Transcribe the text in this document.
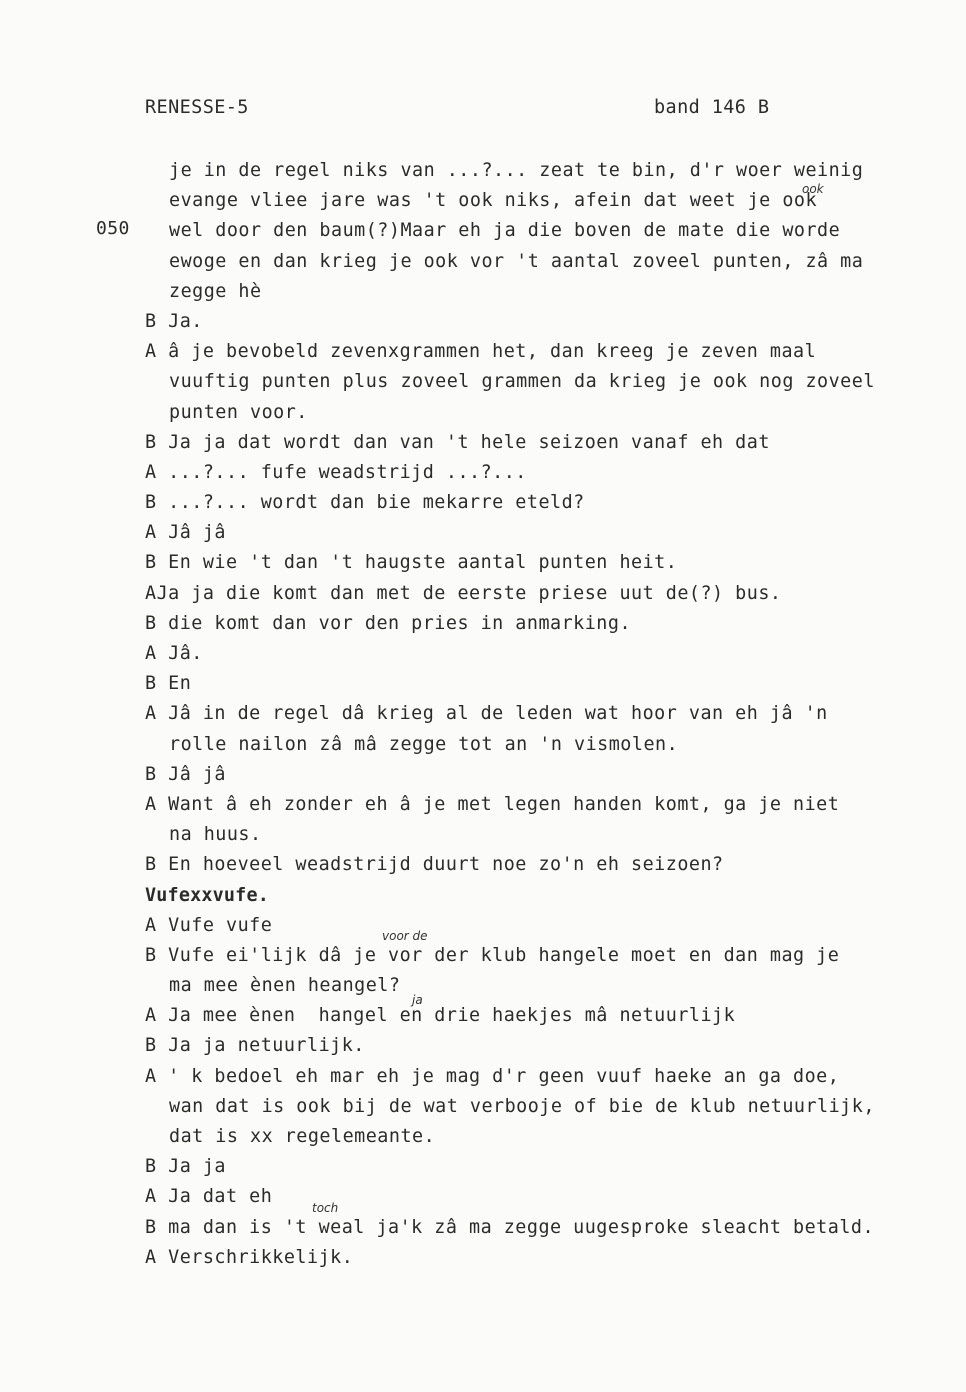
RENESSE-5	band 146 B
050
ook
voor de
ja
toch
je in de regel niks van ...?... zeat te bin, d'r woer weinig
evange vliee jare was 't ook niks, afein dat weet je ook
wel door den baum(?)Maar eh ja die boven de mate die worde
ewoge en dan krieg je ook vor 't aantal zoveel punten, zâ ma
zegge hè
B Ja.
A â je bevobeld zevenxgrammen het, dan kreeg je zeven maal
vuuftig punten plus zoveel grammen da krieg je ook nog zoveel
punten voor.
B Ja ja dat wordt dan van 't hele seizoen vanaf eh dat
A ...?... fufe weadstrijd ...?...
B ...?... wordt dan bie mekarre eteld?
A Jâ jâ
B En wie 't dan 't haugste aantal punten heit.
AJa ja die komt dan met de eerste priese uut de(?) bus.
B die komt dan vor den pries in anmarking.
A Jâ.
B En
A Jâ in de regel dâ krieg al de leden wat hoor van eh jâ 'n
rolle nailon zâ mâ zegge tot an 'n vismolen.
B Jâ jâ
A Want â eh zonder eh â je met legen handen komt, ga je niet
na huus.
B En hoeveel weadstrijd duurt noe zo'n eh seizoen?
Vufexxvufe.
A Vufe vufe
B Vufe ei'lijk dâ je vor der klub hangele moet en dan mag je
ma mee ènen heangel?
A Ja mee ènen  hangel en drie haekjes mâ netuurlijk
B Ja ja netuurlijk.
A ' k bedoel eh mar eh je mag d'r geen vuuf haeke an ga doe,
wan dat is ook bij de wat verbooje of bie de klub netuurlijk,
dat is xx regelemeante.
B Ja ja
A Ja dat eh
B ma dan is 't weal ja'k zâ ma zegge uugesproke sleacht betald.
A Verschrikkelijk.
